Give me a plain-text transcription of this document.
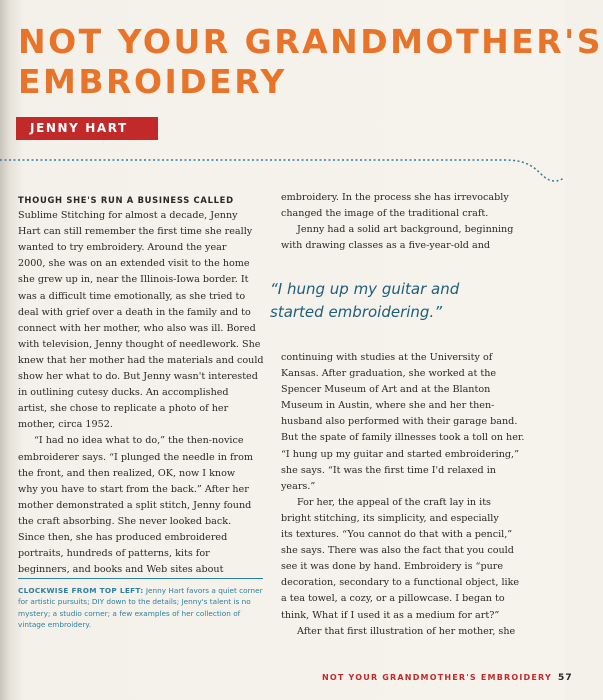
NOT YOUR GRANDMOTHER'S
EMBROIDERY
JENNY HART
THOUGH SHE'S RUN A BUSINESS CALLED
Sublime Stitching for almost a decade, Jenny
Hart can still remember the first time she really
wanted to try embroidery. Around the year
2000, she was on an extended visit to the home
she grew up in, near the Illinois-Iowa border. It
was a difficult time emotionally, as she tried to
deal with grief over a death in the family and to
connect with her mother, who also was ill. Bored
with television, Jenny thought of needlework. She
knew that her mother had the materials and could
show her what to do. But Jenny wasn't interested
in outlining cutesy ducks. An accomplished
artist, she chose to replicate a photo of her
mother, circa 1952.
“I had no idea what to do,” the then-novice
embroiderer says. “I plunged the needle in from
the front, and then realized, OK, now I know
why you have to start from the back.” After her
mother demonstrated a split stitch, Jenny found
the craft absorbing. She never looked back.
Since then, she has produced embroidered
portraits, hundreds of patterns, kits for
beginners, and books and Web sites about
embroidery. In the process she has irrevocably
changed the image of the traditional craft.
Jenny had a solid art background, beginning
with drawing classes as a five-year-old and
“I hung up my guitar and
started embroidering.”
continuing with studies at the University of
Kansas. After graduation, she worked at the
Spencer Museum of Art and at the Blanton
Museum in Austin, where she and her then-
husband also performed with their garage band.
But the spate of family illnesses took a toll on her.
“I hung up my guitar and started embroidering,”
she says. “It was the first time I'd relaxed in
years.”
For her, the appeal of the craft lay in its
bright stitching, its simplicity, and especially
its textures. “You cannot do that with a pencil,”
she says. There was also the fact that you could
see it was done by hand. Embroidery is “pure
decoration, secondary to a functional object, like
a tea towel, a cozy, or a pillowcase. I began to
think, What if I used it as a medium for art?”
After that first illustration of her mother, she
CLOCKWISE FROM TOP LEFT: Jenny Hart favors a quiet corner for artistic pursuits; DIY down to the details; Jenny's talent is no mystery; a studio corner; a few examples of her collection of vintage embroidery.
NOT YOUR GRANDMOTHER'S EMBROIDERY 57
